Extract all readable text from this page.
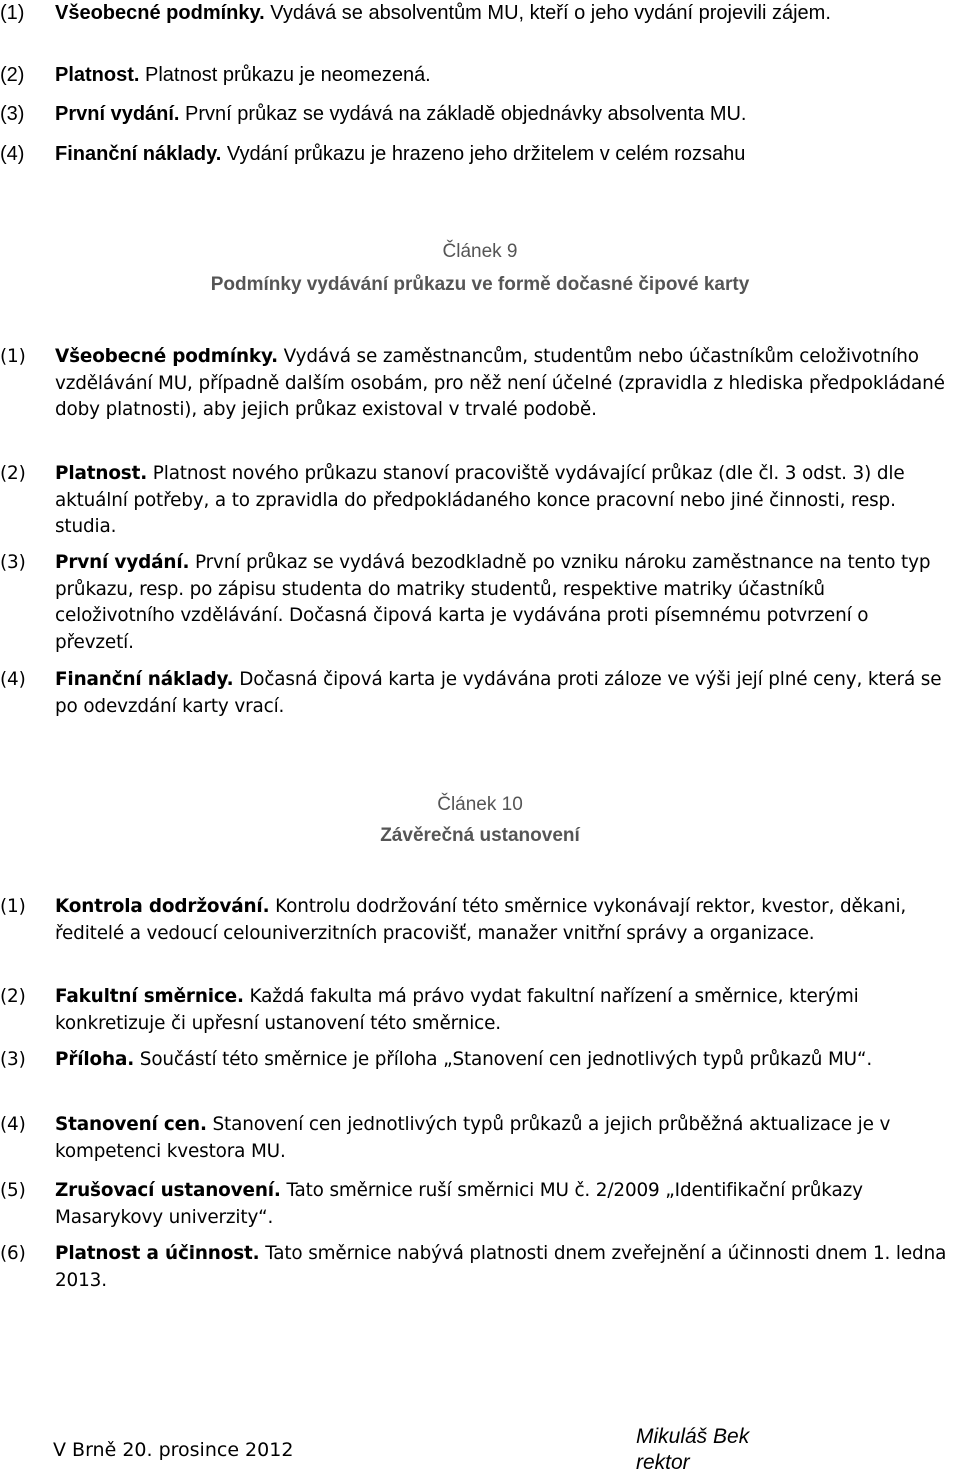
(1) Všeobecné podmínky. Vydává se absolventům MU, kteří o jeho vydání projevili zájem.
(2) Platnost. Platnost průkazu je neomezená.
(3) První vydání. První průkaz se vydává na základě objednávky absolventa MU.
(4) Finanční náklady. Vydání průkazu je hrazeno jeho držitelem v celém rozsahu
Článek 9
Podmínky vydávání průkazu ve formě dočasné čipové karty
(1) Všeobecné podmínky. Vydává se zaměstnancům, studentům nebo účastníkům celoživotního vzdělávání MU, případně dalším osobám, pro něž není účelné (zpravidla z hlediska předpokládané doby platnosti), aby jejich průkaz existoval v trvalé podobě.
(2) Platnost. Platnost nového průkazu stanoví pracoviště vydávající průkaz (dle čl. 3 odst. 3) dle aktuální potřeby, a to zpravidla do předpokládaného konce pracovní nebo jiné činnosti, resp. studia.
(3) První vydání. První průkaz se vydává bezodkladně po vzniku nároku zaměstnance na tento typ průkazu, resp. po zápisu studenta do matriky studentů, respektive matriky účastníků celoživotního vzdělávání. Dočasná čipová karta je vydávána proti písemnému potvrzení o převzetí.
(4) Finanční náklady. Dočasná čipová karta je vydávána proti záloze ve výši její plné ceny, která se po odevzdání karty vrací.
Článek 10
Závěrečná ustanovení
(1) Kontrola dodržování. Kontrolu dodržování této směrnice vykonávají rektor, kvestor, děkani, ředitelé a vedoucí celouniverzitních pracovišť, manažer vnitřní správy a organizace.
(2) Fakultní směrnice. Každá fakulta má právo vydat fakultní nařízení a směrnice, kterými konkretizuje či upřesní ustanovení této směrnice.
(3) Příloha. Součástí této směrnice je příloha „Stanovení cen jednotlivých typů průkazů MU“.
(4) Stanovení cen. Stanovení cen jednotlivých typů průkazů a jejich průběžná aktualizace je v kompetenci kvestora MU.
(5) Zrušovací ustanovení. Tato směrnice ruší směrnici MU č. 2/2009 „Identifikační průkazy Masarykovy univerzity“.
(6) Platnost a účinnost. Tato směrnice nabývá platnosti dnem zveřejnění a účinnosti dnem 1. ledna 2013.
V Brně 20. prosince 2012
Mikuláš Bek
rektor
